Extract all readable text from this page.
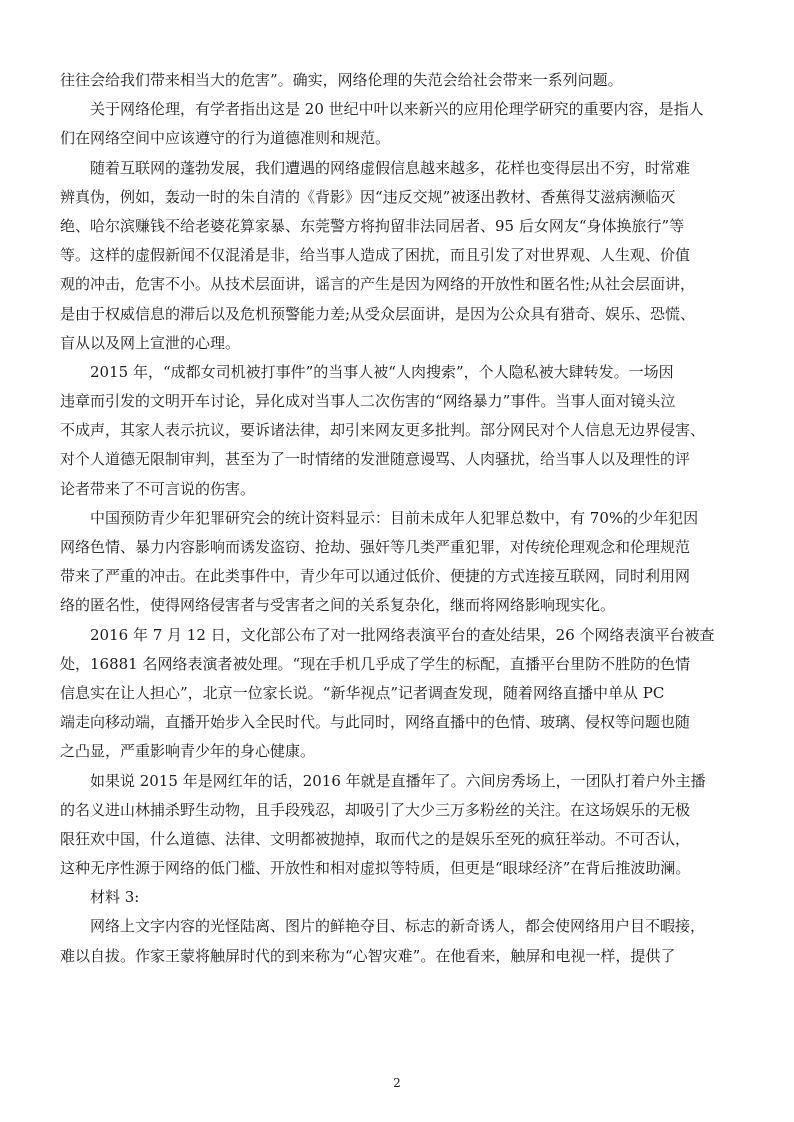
往往会给我们带来相当大的危害”。确实，网络伦理的失范会给社会带来一系列问题。
关于网络伦理，有学者指出这是 20 世纪中叶以来新兴的应用伦理学研究的重要内容，是指人
们在网络空间中应该遵守的行为道德准则和规范。
随着互联网的蓬勃发展，我们遭遇的网络虚假信息越来越多，花样也变得层出不穷，时常难
辨真伪，例如，轰动一时的朱自清的《背影》因“违反交规”被逐出教材、香蕉得艾滋病濒临灭
绝、哈尔滨赚钱不给老婆花算家暴、东莞警方将拘留非法同居者、95 后女网友“身体换旅行”等
等。这样的虚假新闻不仅混淆是非，给当事人造成了困扰，而且引发了对世界观、人生观、价值
观的冲击，危害不小。从技术层面讲，谣言的产生是因为网络的开放性和匿名性;从社会层面讲，
是由于权威信息的滞后以及危机预警能力差;从受众层面讲，是因为公众具有猎奇、娱乐、恐慌、
盲从以及网上宣泄的心理。
2015 年，“成都女司机被打事件”的当事人被“人肉搜索”，个人隐私被大肆转发。一场因
违章而引发的文明开车讨论，异化成对当事人二次伤害的“网络暴力”事件。当事人面对镜头泣
不成声，其家人表示抗议，要诉诸法律，却引来网友更多批判。部分网民对个人信息无边界侵害、
对个人道德无限制审判，甚至为了一时情绪的发泄随意谩骂、人肉骚扰，给当事人以及理性的评
论者带来了不可言说的伤害。
中国预防青少年犯罪研究会的统计资料显示：目前未成年人犯罪总数中，有 70%的少年犯因
网络色情、暴力内容影响而诱发盗窃、抢劫、强奸等几类严重犯罪，对传统伦理观念和伦理规范
带来了严重的冲击。在此类事件中，青少年可以通过低价、便捷的方式连接互联网，同时利用网
络的匿名性，使得网络侵害者与受害者之间的关系复杂化，继而将网络影响现实化。
2016 年 7 月 12 日，文化部公布了对一批网络表演平台的查处结果，26 个网络表演平台被查
处，16881 名网络表演者被处理。“现在手机几乎成了学生的标配，直播平台里防不胜防的色情
信息实在让人担心”，北京一位家长说。“新华视点”记者调查发现，随着网络直播中单从 PC
端走向移动端，直播开始步入全民时代。与此同时，网络直播中的色情、玻璃、侵权等问题也随
之凸显，严重影响青少年的身心健康。
如果说 2015 年是网红年的话，2016 年就是直播年了。六间房秀场上，一团队打着户外主播
的名义进山林捕杀野生动物，且手段残忍，却吸引了大少三万多粉丝的关注。在这场娱乐的无极
限狂欢中国，什么道德、法律、文明都被抛掉，取而代之的是娱乐至死的疯狂举动。不可否认，
这种无序性源于网络的低门槛、开放性和相对虚拟等特质，但更是“眼球经济”在背后推波助澜。
材料 3:
网络上文字内容的光怪陆离、图片的鲜艳夺目、标志的新奇诱人，都会使网络用户目不暇接，
难以自拔。作家王蒙将触屏时代的到来称为“心智灾难”。在他看来，触屏和电视一样，提供了
2
